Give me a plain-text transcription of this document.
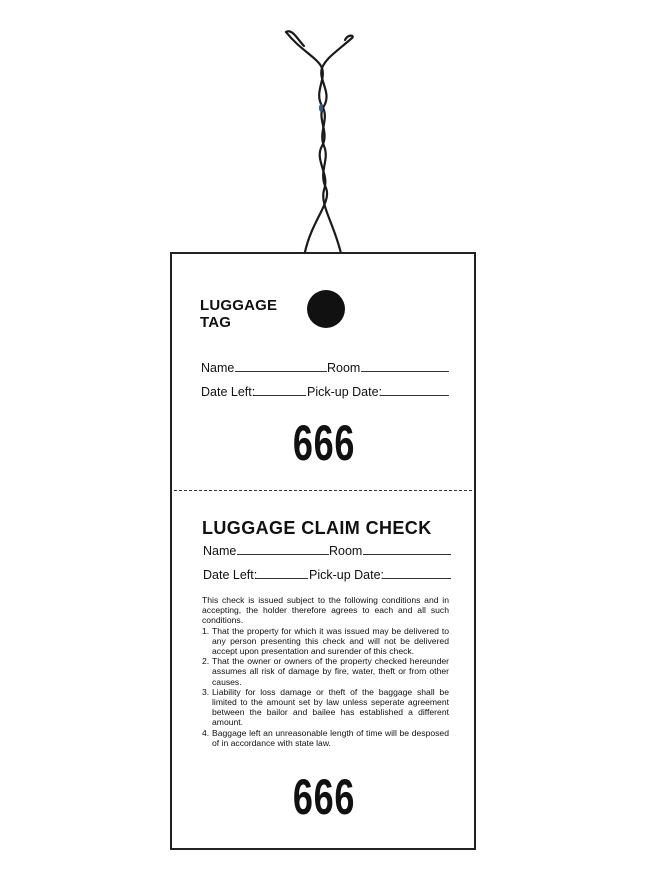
LUGGAGE
TAG
Name	Room
Date Left:	Pick-up Date:
666
LUGGAGE CLAIM CHECK
Name	Room
Date Left:	Pick-up Date:

This check is issued subject to the following conditions and in accepting, the holder therefore agrees to each and all such conditions.

1. That the property for which it was issued may be delivered to any person presenting this check and will not be delivered accept upon presentation and surender of this check.
2. That the owner or owners of the property checked hereunder assumes all risk of damage by fire, water, theft or from other causes.
3. Liability for loss damage or theft of the baggage shall be limited to the amount set by law unless seperate agreement between the bailor and bailee has established a different amount.
4. Baggage left an unreasonable length of time will be desposed of in accordance with state law.
666
